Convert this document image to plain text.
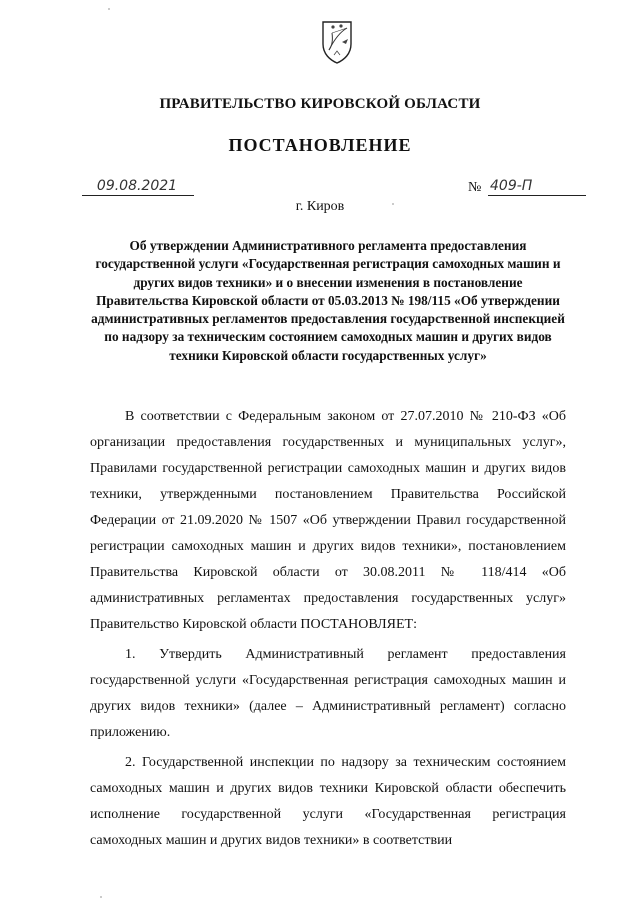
ПРАВИТЕЛЬСТВО КИРОВСКОЙ ОБЛАСТИ
ПОСТАНОВЛЕНИЕ
09.08.2021	№ 409-П
г. Киров
Об утверждении Административного регламента предоставления государственной услуги «Государственная регистрация самоходных машин и других видов техники» и о внесении изменения в постановление Правительства Кировской области от 05.03.2013 № 198/115 «Об утверждении административных регламентов предоставления государственной инспекцией по надзору за техническим состоянием самоходных машин и других видов техники Кировской области государственных услуг»

В соответствии с Федеральным законом от 27.07.2010 № 210-ФЗ «Об организации предоставления государственных и муниципальных услуг», Правилами государственной регистрации самоходных машин и других видов техники, утвержденными постановлением Правительства Российской Федерации от 21.09.2020 № 1507 «Об утверждении Правил государственной регистрации самоходных машин и других видов техники», постановлением Правительства Кировской области от 30.08.2011 № 118/414 «Об административных регламентах предоставления государственных услуг» Правительство Кировской области ПОСТАНОВЛЯЕТ:

1. Утвердить Административный регламент предоставления государственной услуги «Государственная регистрация самоходных машин и других видов техники» (далее – Административный регламент) согласно приложению.

2. Государственной инспекции по надзору за техническим состоянием самоходных машин и других видов техники Кировской области обеспечить исполнение государственной услуги «Государственная регистрация самоходных машин и других видов техники» в соответствии
